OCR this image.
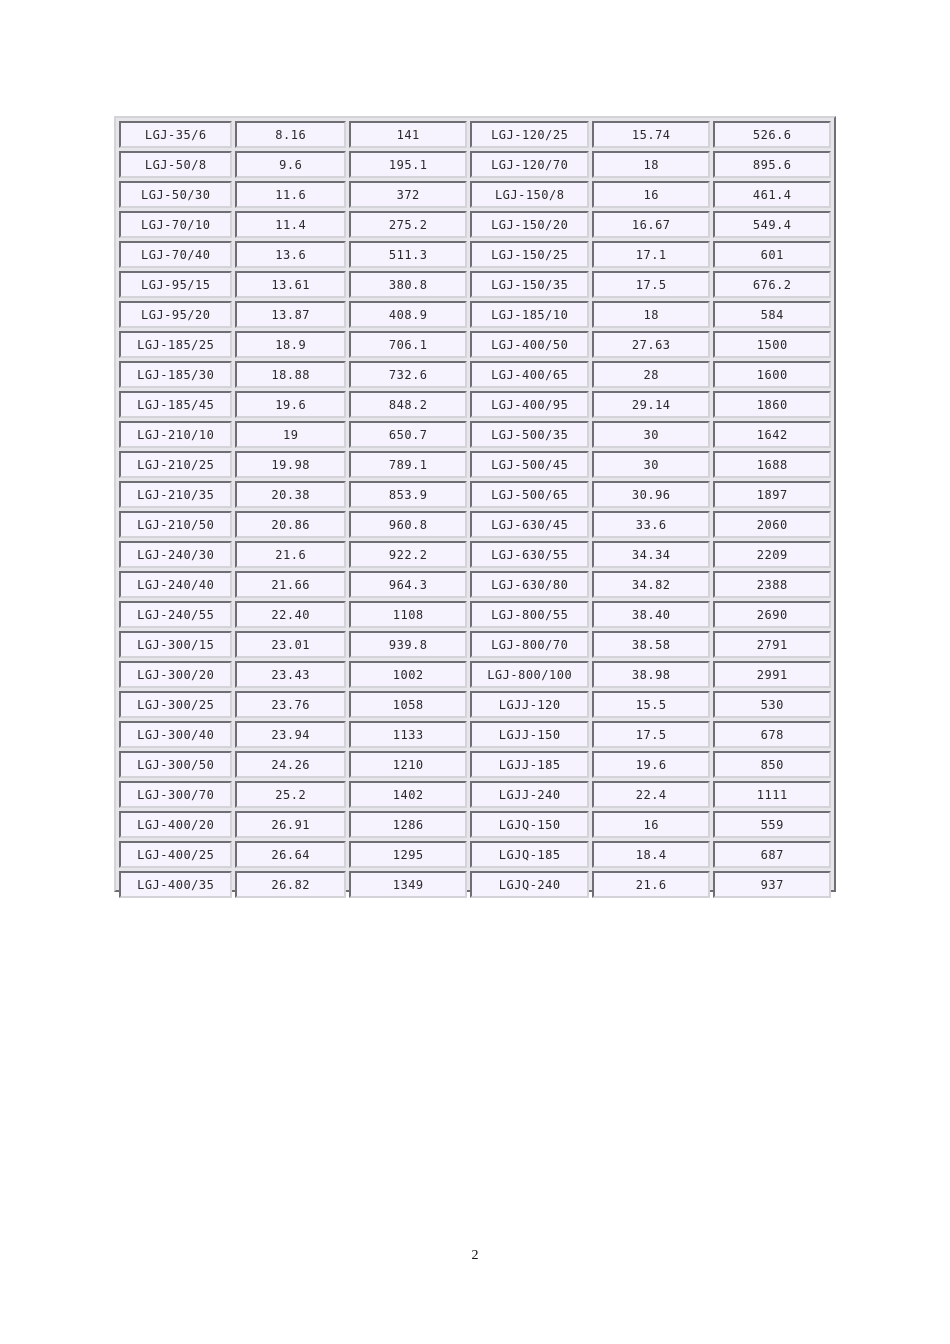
LGJ-35/6	8.16	141	LGJ-120/25	15.74	526.6
LGJ-50/8	9.6	195.1	LGJ-120/70	18	895.6
LGJ-50/30	11.6	372	LGJ-150/8	16	461.4
LGJ-70/10	11.4	275.2	LGJ-150/20	16.67	549.4
LGJ-70/40	13.6	511.3	LGJ-150/25	17.1	601
LGJ-95/15	13.61	380.8	LGJ-150/35	17.5	676.2
LGJ-95/20	13.87	408.9	LGJ-185/10	18	584
LGJ-185/25	18.9	706.1	LGJ-400/50	27.63	1500
LGJ-185/30	18.88	732.6	LGJ-400/65	28	1600
LGJ-185/45	19.6	848.2	LGJ-400/95	29.14	1860
LGJ-210/10	19	650.7	LGJ-500/35	30	1642
LGJ-210/25	19.98	789.1	LGJ-500/45	30	1688
LGJ-210/35	20.38	853.9	LGJ-500/65	30.96	1897
LGJ-210/50	20.86	960.8	LGJ-630/45	33.6	2060
LGJ-240/30	21.6	922.2	LGJ-630/55	34.34	2209
LGJ-240/40	21.66	964.3	LGJ-630/80	34.82	2388
LGJ-240/55	22.40	1108	LGJ-800/55	38.40	2690
LGJ-300/15	23.01	939.8	LGJ-800/70	38.58	2791
LGJ-300/20	23.43	1002	LGJ-800/100	38.98	2991
LGJ-300/25	23.76	1058	LGJJ-120	15.5	530
LGJ-300/40	23.94	1133	LGJJ-150	17.5	678
LGJ-300/50	24.26	1210	LGJJ-185	19.6	850
LGJ-300/70	25.2	1402	LGJJ-240	22.4	1111
LGJ-400/20	26.91	1286	LGJQ-150	16	559
LGJ-400/25	26.64	1295	LGJQ-185	18.4	687
LGJ-400/35	26.82	1349	LGJQ-240	21.6	937
2
